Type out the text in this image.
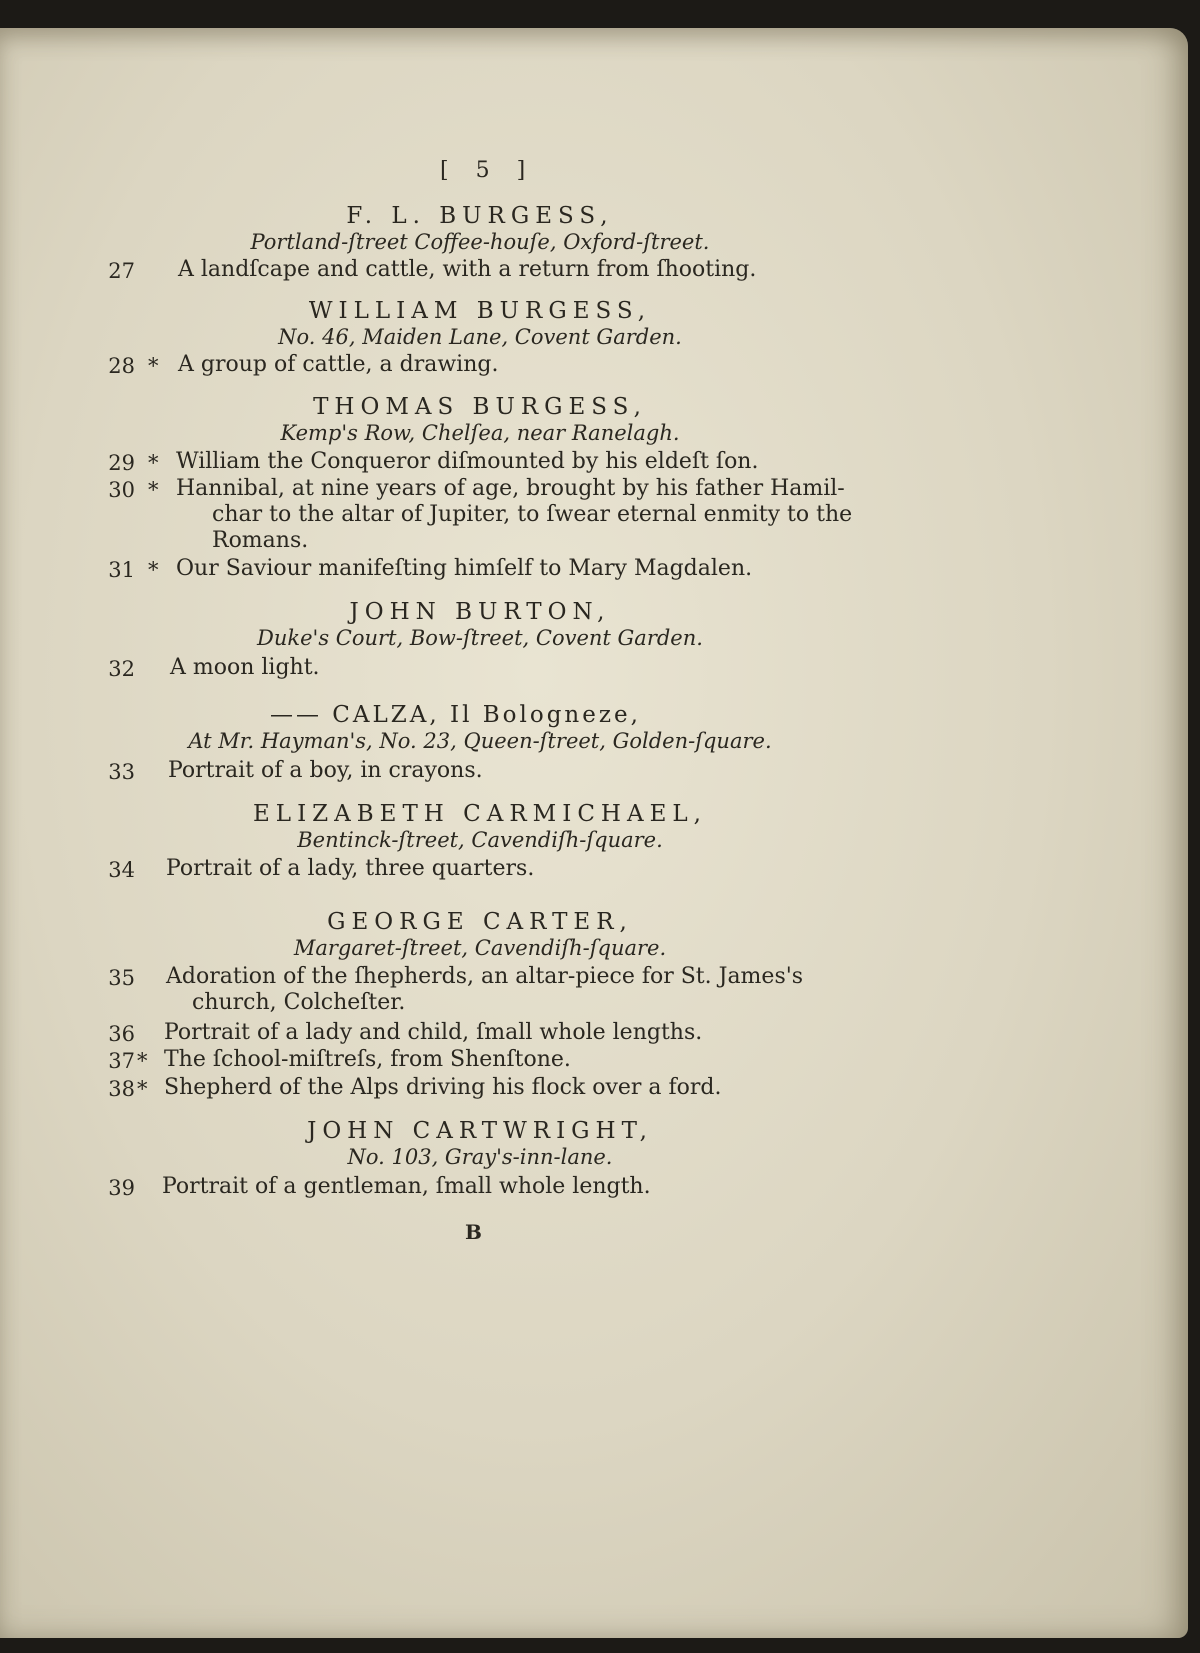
[ 5 ]
F. L. BURGESS,
Portland-ſtreet Coffee-houſe, Oxford-ſtreet.
27 A landſcape and cattle, with a return from ſhooting.
WILLIAM BURGESS,
No. 46, Maiden Lane, Covent Garden.
28 * A group of cattle, a drawing.
THOMAS BURGESS,
Kemp's Row, Chelſea, near Ranelagh.
29 * William the Conqueror diſmounted by his eldeſt ſon.
30 * Hannibal, at nine years of age, brought by his father Hamil-
char to the altar of Jupiter, to ſwear eternal enmity to the
Romans.
31 * Our Saviour manifeſting himſelf to Mary Magdalen.
JOHN BURTON,
Duke's Court, Bow-ſtreet, Covent Garden.
32 A moon light.
—— CALZA, Il Bologneze,
At Mr. Hayman's, No. 23, Queen-ſtreet, Golden-ſquare.
33 Portrait of a boy, in crayons.
ELIZABETH CARMICHAEL,
Bentinck-ſtreet, Cavendiſh-ſquare.
34 Portrait of a lady, three quarters.
GEORGE CARTER,
Margaret-ſtreet, Cavendiſh-ſquare.
35 Adoration of the ſhepherds, an altar-piece for St. James's
church, Colcheſter.
36 Portrait of a lady and child, ſmall whole lengths.
37 * The ſchool-miſtreſs, from Shenſtone.
38 * Shepherd of the Alps driving his flock over a ford.
JOHN CARTWRIGHT,
No. 103, Gray's-inn-lane.
39 Portrait of a gentleman, ſmall whole length.
B
